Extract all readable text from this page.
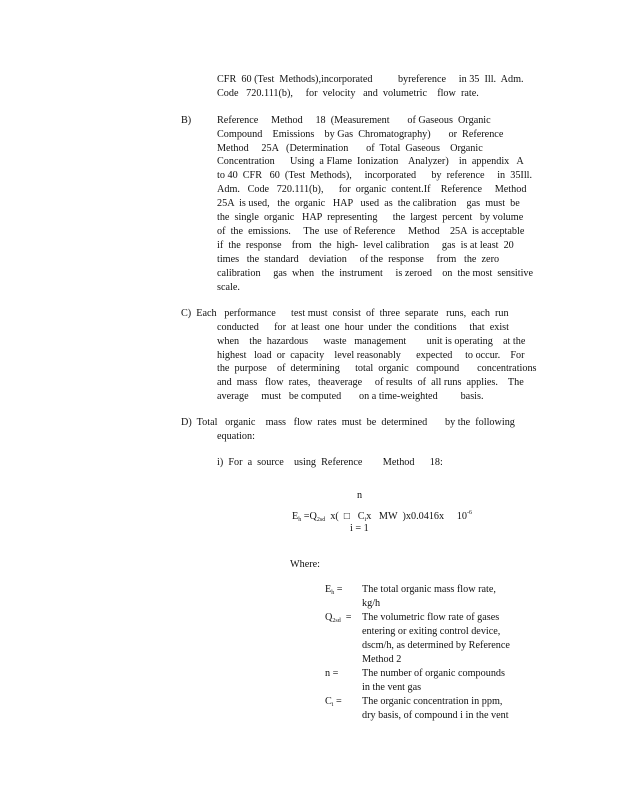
CFR  60 (Test  Methods),incorporated          byreference     in 35  Ill.  Adm.
Code   720.111(b),     for  velocity   and  volumetric    flow  rate.
B)	Reference     Method     18  (Measurement       of Gaseous  Organic
Compound    Emissions    by Gas  Chromatography)       or  Reference
Method     25A   (Determination       of  Total  Gaseous    Organic
Concentration      Using  a Flame  Ionization    Analyzer)    in  appendix   A
to 40  CFR   60  (Test  Methods),     incorporated      by  reference     in  35Ill.
Adm.   Code   720.111(b),      for  organic  content.If    Reference     Method
25A  is used,   the  organic   HAP   used  as  the calibration    gas  must  be
the  single  organic   HAP  representing      the  largest  percent   by volume
of  the  emissions.     The  use  of Reference     Method    25A  is acceptable
if  the  response    from   the  high-  level calibration     gas  is at least  20
times   the  standard    deviation     of the  response     from   the  zero
calibration     gas  when   the  instrument     is zeroed    on  the most  sensitive
scale.
C)  Each   performance      test must  consist  of  three  separate   runs,  each  run
conducted      for  at least  one  hour  under  the  conditions     that  exist
when    the  hazardous      waste   management        unit is operating    at the
highest   load  or  capacity    level reasonably      expected     to occur.    For
the  purpose    of  determining      total  organic   compound       concentrations
and  mass   flow  rates,   theaverage     of results  of  all runs  applies.    The
average     must   be computed       on a time-weighted         basis.
D)  Total   organic    mass   flow  rates  must  be  determined       by the  following
equation:
i)  For  a  source    using  Reference        Method      18:
n
$E_h =Q_{2sd}$  x(  □   $C_ix$   MW  )x0.0416x     $10^{-6}$
i = 1
Where:
$E_h$ = The total organic mass flow rate,
kg/h
$Q_{2sd}$  = The volumetric flow rate of gases
entering or exiting control device,
dscm/h, as determined by Reference
Method 2
n = The number of organic compounds
in the vent gas
$C_i$ = The organic concentration in ppm,
dry basis, of compound i in the vent
